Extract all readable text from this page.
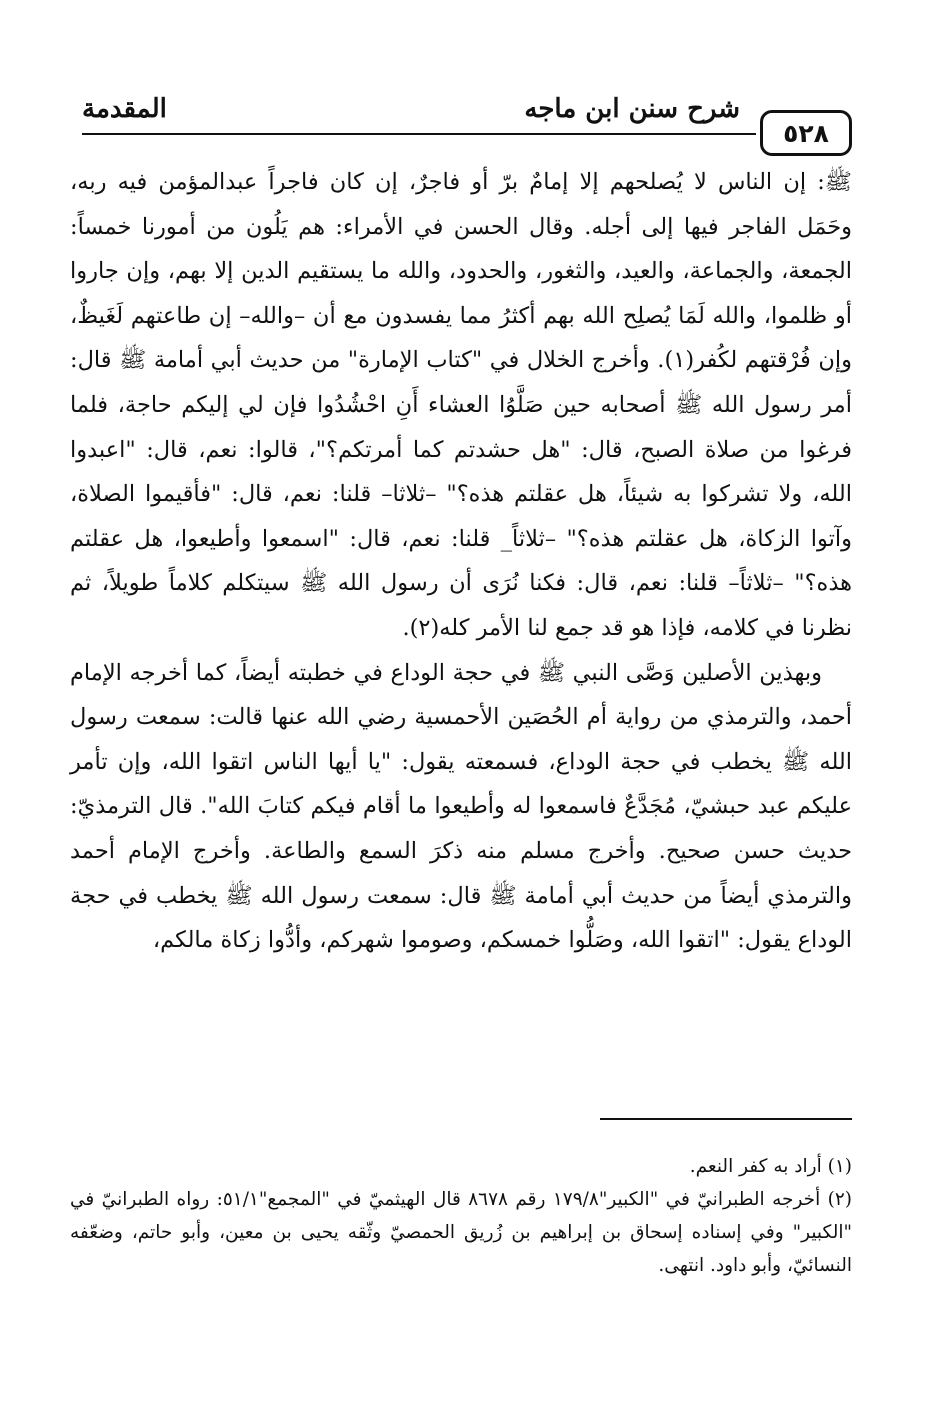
٥٢٨
شرح سنن ابن ماجه
المقدمة

ﷺ: إن الناس لا يُصلحهم إلا إمامٌ برّ أو فاجرٌ، إن كان فاجراً عبدالمؤمن فيه ربه، وحَمَل الفاجر فيها إلى أجله. وقال الحسن في الأمراء: هم يَلُون من أمورنا خمساً: الجمعة، والجماعة، والعيد، والثغور، والحدود، والله ما يستقيم الدين إلا بهم، وإن جاروا أو ظلموا، والله لَمَا يُصلِح الله بهم أكثرُ مما يفسدون مع أن –والله– إن طاعتهم لَغَيظٌ، وإن فُرْقتهم لكُفر(١). وأخرج الخلال في "كتاب الإمارة" من حديث أبي أمامة ﷺ قال: أمر رسول الله ﷺ أصحابه حين صَلَّوُا العشاء أَنِ احْشُدُوا فإن لي إليكم حاجة، فلما فرغوا من صلاة الصبح، قال: "هل حشدتم كما أمرتكم؟"، قالوا: نعم، قال: "اعبدوا الله، ولا تشركوا به شيئاً، هل عقلتم هذه؟" –ثلاثا– قلنا: نعم، قال: "فأقيموا الصلاة، وآتوا الزكاة، هل عقلتم هذه؟" –ثلاثاً_ قلنا: نعم، قال: "اسمعوا وأطيعوا، هل عقلتم هذه؟" –ثلاثاً– قلنا: نعم، قال: فكنا نُرَى أن رسول الله ﷺ سيتكلم كلاماً طويلاً، ثم نظرنا في كلامه، فإذا هو قد جمع لنا الأمر كله(٢).

وبهذين الأصلين وَصَّى النبي ﷺ في حجة الوداع في خطبته أيضاً، كما أخرجه الإمام أحمد، والترمذي من رواية أم الحُصَين الأحمسية رضي الله عنها قالت: سمعت رسول الله ﷺ يخطب في حجة الوداع، فسمعته يقول: "يا أيها الناس اتقوا الله، وإن تأمر عليكم عبد حبشيّ، مُجَدَّعٌ فاسمعوا له وأطيعوا ما أقام فيكم كتابَ الله". قال الترمذيّ: حديث حسن صحيح. وأخرج مسلم منه ذكرَ السمع والطاعة. وأخرج الإمام أحمد والترمذي أيضاً من حديث أبي أمامة ﷺ قال: سمعت رسول الله ﷺ يخطب في حجة الوداع يقول: "اتقوا الله، وصَلُّوا خمسكم، وصوموا شهركم، وأدُّوا زكاة مالكم،

(١) أراد به كفر النعم.

(٢) أخرجه الطبرانيّ في "الكبير"١٧٩/٨ رقم ٨٦٧٨ قال الهيثميّ في "المجمع"٥١/١: رواه الطبرانيّ في "الكبير" وفي إسناده إسحاق بن إبراهيم بن زُريق الحمصيّ وثّقه يحيى بن معين، وأبو حاتم، وضعّفه النسائيّ، وأبو داود. انتهى.
